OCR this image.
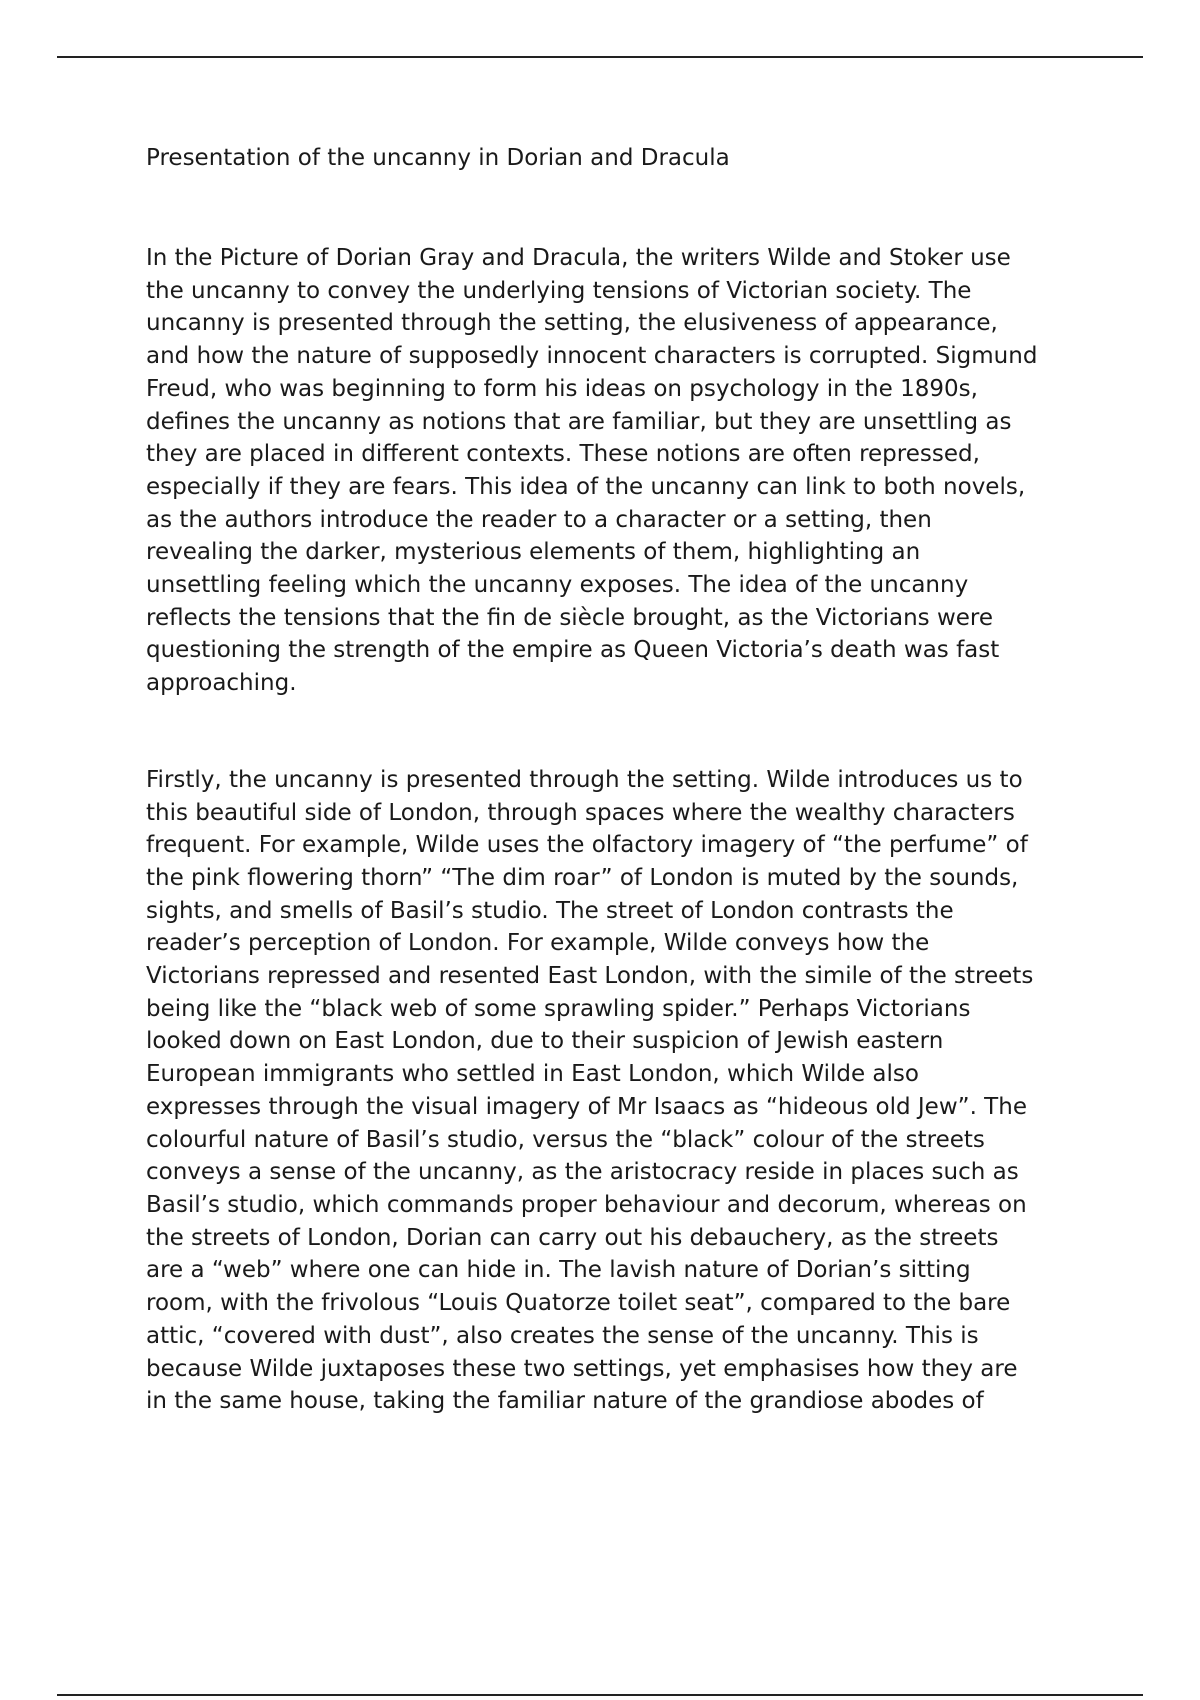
Presentation of the uncanny in Dorian and Dracula

In the Picture of Dorian Gray and Dracula, the writers Wilde and Stoker use
the uncanny to convey the underlying tensions of Victorian society. The
uncanny is presented through the setting, the elusiveness of appearance,
and how the nature of supposedly innocent characters is corrupted. Sigmund
Freud, who was beginning to form his ideas on psychology in the 1890s,
defines the uncanny as notions that are familiar, but they are unsettling as
they are placed in different contexts. These notions are often repressed,
especially if they are fears. This idea of the uncanny can link to both novels,
as the authors introduce the reader to a character or a setting, then
revealing the darker, mysterious elements of them, highlighting an
unsettling feeling which the uncanny exposes. The idea of the uncanny
reflects the tensions that the fin de siècle brought, as the Victorians were
questioning the strength of the empire as Queen Victoria’s death was fast
approaching.

Firstly, the uncanny is presented through the setting. Wilde introduces us to
this beautiful side of London, through spaces where the wealthy characters
frequent. For example, Wilde uses the olfactory imagery of “the perfume” of
the pink flowering thorn” “The dim roar” of London is muted by the sounds,
sights, and smells of Basil’s studio. The street of London contrasts the
reader’s perception of London. For example, Wilde conveys how the
Victorians repressed and resented East London, with the simile of the streets
being like the “black web of some sprawling spider.” Perhaps Victorians
looked down on East London, due to their suspicion of Jewish eastern
European immigrants who settled in East London, which Wilde also
expresses through the visual imagery of Mr Isaacs as “hideous old Jew”. The
colourful nature of Basil’s studio, versus the “black” colour of the streets
conveys a sense of the uncanny, as the aristocracy reside in places such as
Basil’s studio, which commands proper behaviour and decorum, whereas on
the streets of London, Dorian can carry out his debauchery, as the streets
are a “web” where one can hide in. The lavish nature of Dorian’s sitting
room, with the frivolous “Louis Quatorze toilet seat”, compared to the bare
attic, “covered with dust”, also creates the sense of the uncanny. This is
because Wilde juxtaposes these two settings, yet emphasises how they are
in the same house, taking the familiar nature of the grandiose abodes of
